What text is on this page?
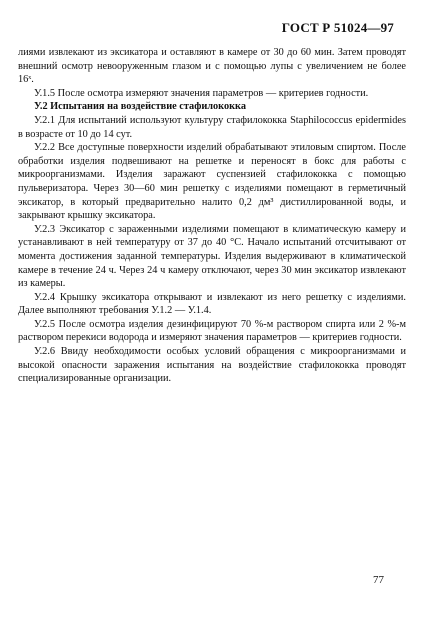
ГОСТ Р 51024—97

лиями извлекают из эксикатора и оставляют в камере от 30 до 60 мин. Затем проводят внешний осмотр невооруженным глазом и с помощью лупы с увеличением не более 16ˣ.

У.1.5 После осмотра измеряют значения параметров — критериев годности.

У.2 Испытания на воздействие стафилококка

У.2.1 Для испытаний используют культуру стафилококка Staphilococcus epidermides в возрасте от 10 до 14 сут.

У.2.2 Все доступные поверхности изделий обрабатывают этиловым спиртом. После обработки изделия подвешивают на решетке и переносят в бокс для работы с микроорганизмами. Изделия заражают суспензией стафилококка с помощью пульверизатора. Через 30—60 мин решетку с изделиями помещают в герметичный эксикатор, в который предварительно налито 0,2 дм³ дистиллированной воды, и закрывают крышку эксикатора.

У.2.3 Эксикатор с зараженными изделиями помещают в климатическую камеру и устанавливают в ней температуру от 37 до 40 °С. Начало испытаний отсчитывают от момента достижения заданной температуры. Изделия выдерживают в климатической камере в течение 24 ч. Через 24 ч камеру отключают, через 30 мин эксикатор извлекают из камеры.

У.2.4 Крышку эксикатора открывают и извлекают из него решетку с изделиями. Далее выполняют требования У.1.2 — У.1.4.

У.2.5 После осмотра изделия дезинфицируют 70 %-м раствором спирта или 2 %-м раствором перекиси водорода и измеряют значения параметров — критериев годности.

У.2.6 Ввиду необходимости особых условий обращения с микроорганизмами и высокой опасности заражения испытания на воздействие стафилококка проводят специализированные организации.

77
